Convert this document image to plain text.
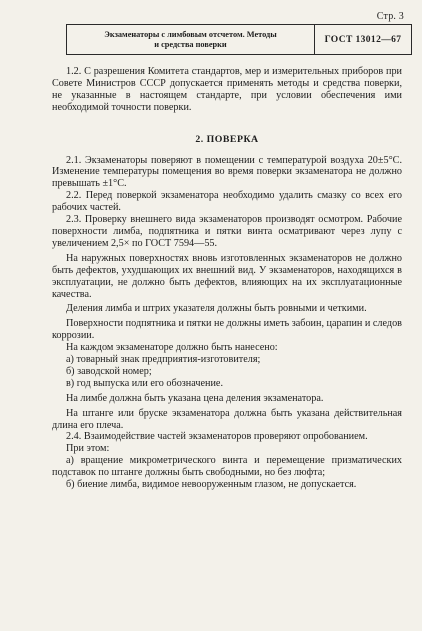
Стр. 3
Экзаменаторы с лимбовым отсчетом. Методы
и средства поверки	ГОСТ 13012—67

1.2. С разрешения Комитета стандартов, мер и измерительных приборов при Совете Министров СССР допускается применять методы и средства поверки, не указанные в настоящем стандарте, при условии обеспечения ими необходимой точности поверки.

2. ПОВЕРКА

2.1. Экзаменаторы поверяют в помещении с температурой воздуха 20±5°С. Изменение температуры помещения во время поверки экзаменатора не должно превышать ±1°С.

2.2. Перед поверкой экзаменатора необходимо удалить смазку со всех его рабочих частей.

2.3. Проверку внешнего вида экзаменаторов производят осмотром. Рабочие поверхности лимба, подпятника и пятки винта осматривают через лупу с увеличением 2,5× по ГОСТ 7594—55.

На наружных поверхностях вновь изготовленных экзаменаторов не должно быть дефектов, ухудшающих их внешний вид. У экзаменаторов, находящихся в эксплуатации, не должно быть дефектов, влияющих на их эксплуатационные качества.

Деления лимба и штрих указателя должны быть ровными и четкими.

Поверхности подпятника и пятки не должны иметь забоин, царапин и следов коррозии.

На каждом экзаменаторе должно быть нанесено:

а) товарный знак предприятия-изготовителя;

б) заводской номер;

в) год выпуска или его обозначение.

На лимбе должна быть указана цена деления экзаменатора.

На штанге или бруске экзаменатора должна быть указана действительная длина его плеча.

2.4. Взаимодействие частей экзаменаторов проверяют опробованием.

При этом:

а) вращение микрометрического винта и перемещение призматических подставок по штанге должны быть свободными, но без люфта;

б) биение лимба, видимое невооруженным глазом, не допускается.
